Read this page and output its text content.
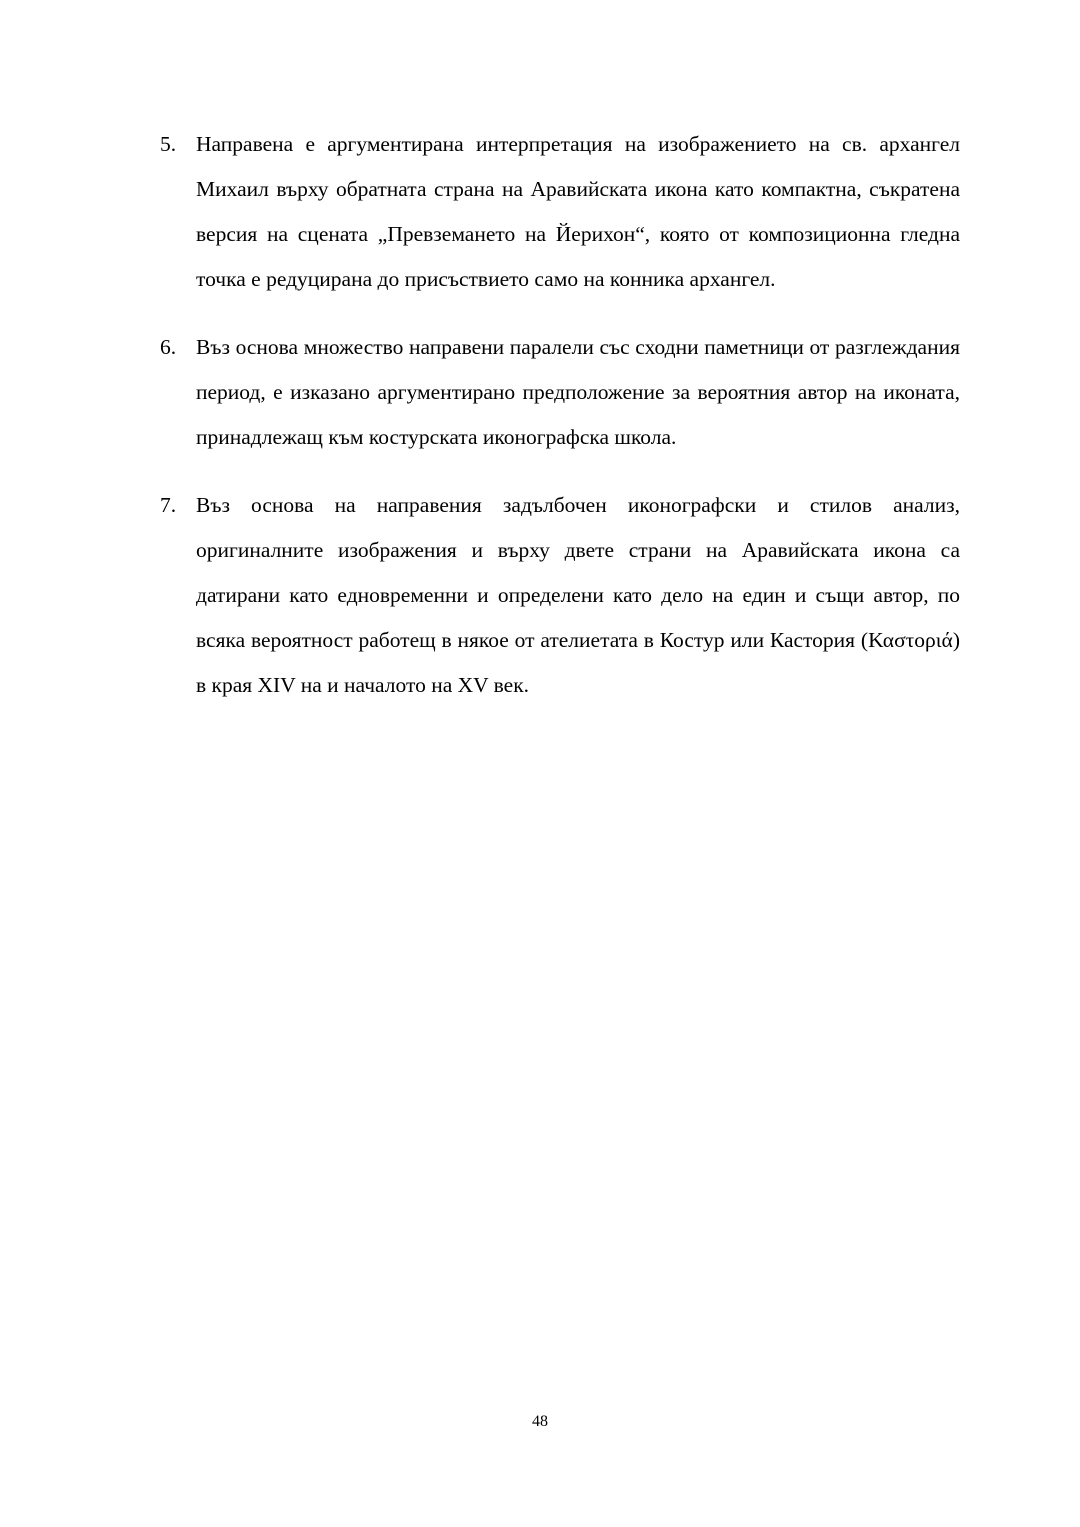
5. Направена е аргументирана интерпретация на изображението на св. архангел Михаил върху обратната страна на Аравийската икона като компактна, съкратена версия на сцената „Превземането на Йерихон“, която от композиционна гледна точка е редуцирана до присъствието само на конника архангел.
6. Въз основа множество направени паралели със сходни паметници от разглеждания период, е изказано аргументирано предположение за вероятния автор на иконата, принадлежащ към костурската иконографска школа.
7. Въз основа на направения задълбочен иконографски и стилов анализ, оригиналните изображения и върху двете страни на Аравийската икона са датирани като едновременни и определени като дело на един и същи автор, по всяка вероятност работещ в някое от ателиетата в Костур или Кастория (Καστοριά) в края XIV на и началото на XV век.
48
